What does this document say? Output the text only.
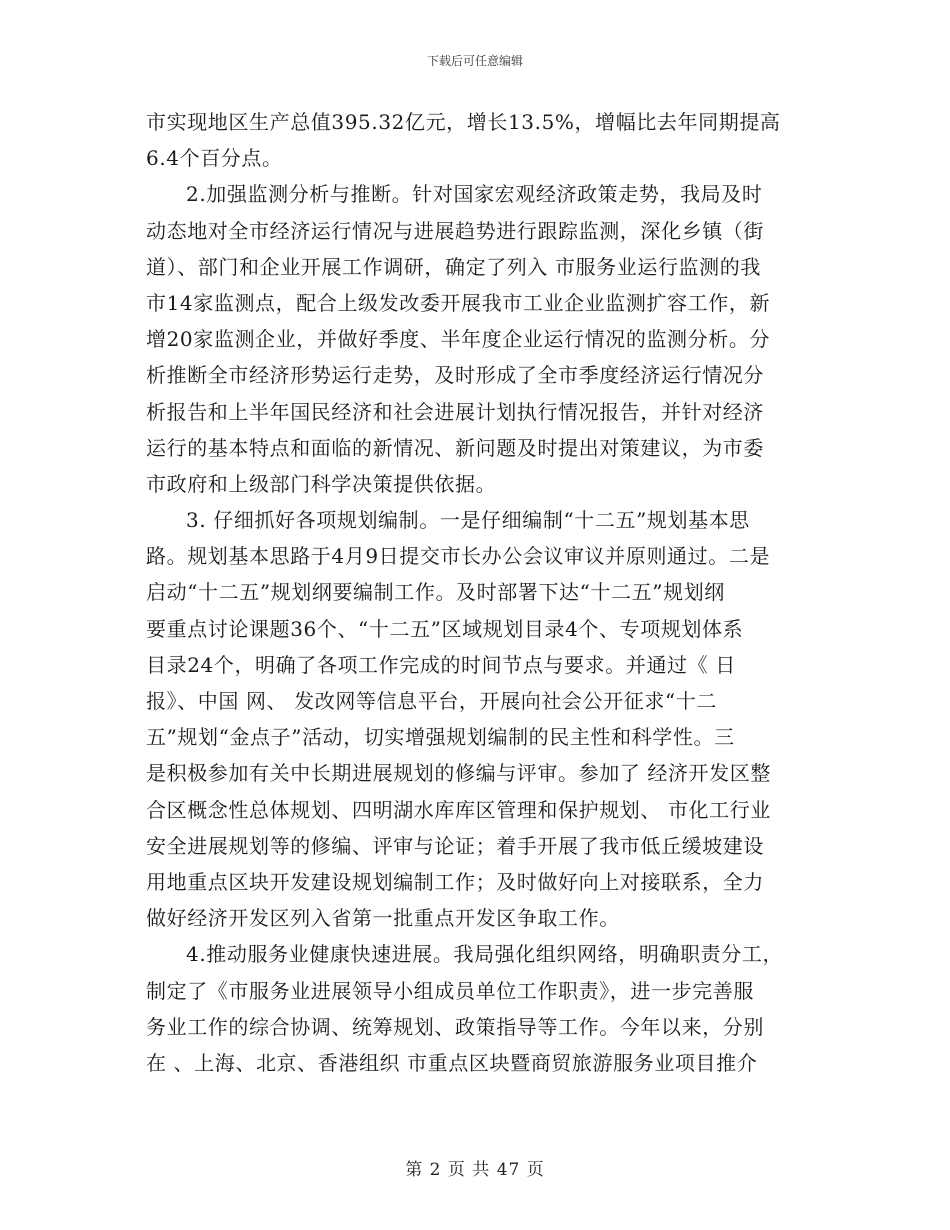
下载后可任意编辑
市实现地区生产总值395.32亿元，增长13.5%，增幅比去年同期提高
6.4个百分点。
2.加强监测分析与推断。针对国家宏观经济政策走势，我局及时
动态地对全市经济运行情况与进展趋势进行跟踪监测，深化乡镇（街
道）、部门和企业开展工作调研，确定了列入 市服务业运行监测的我
市14家监测点，配合上级发改委开展我市工业企业监测扩容工作，新
增20家监测企业，并做好季度、半年度企业运行情况的监测分析。分
析推断全市经济形势运行走势，及时形成了全市季度经济运行情况分
析报告和上半年国民经济和社会进展计划执行情况报告，并针对经济
运行的基本特点和面临的新情况、新问题及时提出对策建议，为市委
市政府和上级部门科学决策提供依据。
3. 仔细抓好各项规划编制。一是仔细编制“十二五”规划基本思
路。规划基本思路于4月9日提交市长办公会议审议并原则通过。二是
启动“十二五”规划纲要编制工作。及时部署下达“十二五”规划纲
要重点讨论课题36个、“十二五”区域规划目录4个、专项规划体系
目录24个，明确了各项工作完成的时间节点与要求。并通过《 日
报》、中国 网、 发改网等信息平台，开展向社会公开征求“十二
五”规划“金点子”活动，切实增强规划编制的民主性和科学性。三
是积极参加有关中长期进展规划的修编与评审。参加了 经济开发区整
合区概念性总体规划、四明湖水库库区管理和保护规划、 市化工行业
安全进展规划等的修编、评审与论证；着手开展了我市低丘缓坡建设
用地重点区块开发建设规划编制工作；及时做好向上对接联系，全力
做好经济开发区列入省第一批重点开发区争取工作。
4.推动服务业健康快速进展。我局强化组织网络，明确职责分工，
制定了《市服务业进展领导小组成员单位工作职责》，进一步完善服
务业工作的综合协调、统筹规划、政策指导等工作。今年以来，分别
在 、上海、北京、香港组织 市重点区块暨商贸旅游服务业项目推介
第 2 页 共 47 页
